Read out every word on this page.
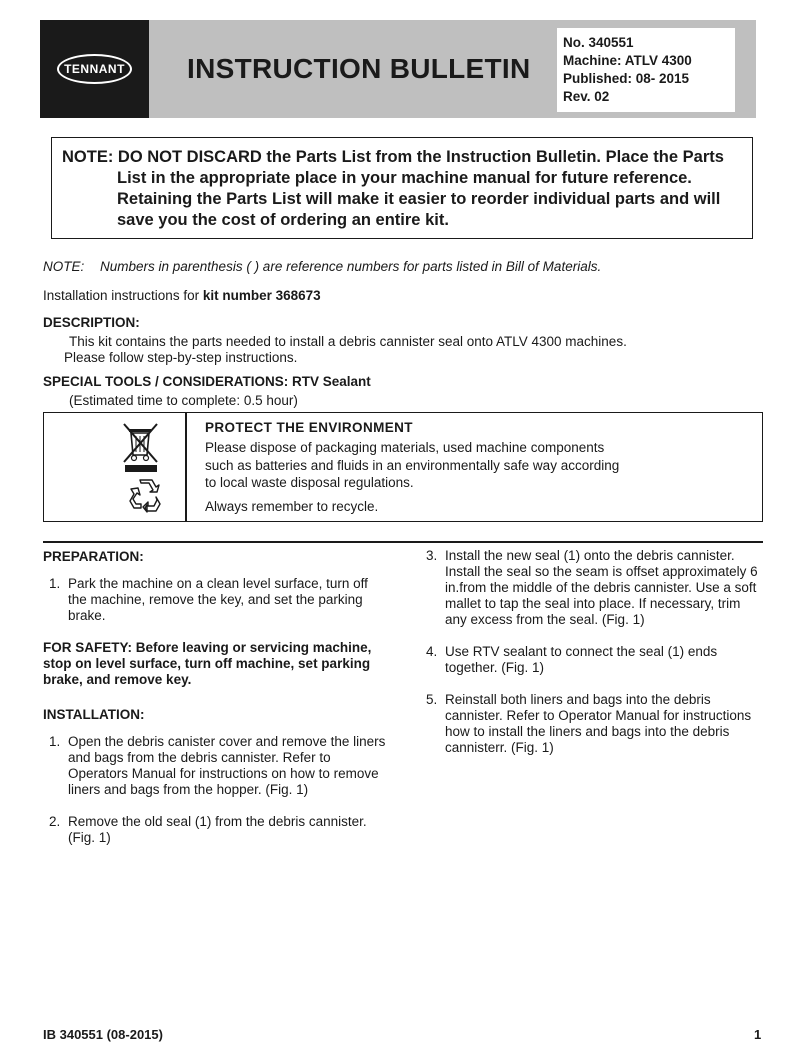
TENNANT INSTRUCTION BULLETIN
No. 340551
Machine: ATLV 4300
Published: 08- 2015
Rev. 02
NOTE: DO NOT DISCARD the Parts List from the Instruction Bulletin. Place the Parts List in the appropriate place in your machine manual for future reference. Retaining the Parts List will make it easier to reorder individual parts and will save you the cost of ordering an entire kit.
NOTE: Numbers in parenthesis ( ) are reference numbers for parts listed in Bill of Materials.
Installation instructions for kit number 368673
DESCRIPTION:
This kit contains the parts needed to install a debris cannister seal onto ATLV 4300 machines.
Please follow step-by-step instructions.
SPECIAL TOOLS / CONSIDERATIONS: RTV Sealant
(Estimated time to complete: 0.5 hour)
PROTECT THE ENVIRONMENT
Please dispose of packaging materials, used machine components
such as batteries and fluids in an environmentally safe way according
to local waste disposal regulations.
Always remember to recycle.
PREPARATION:
1. Park the machine on a clean level surface, turn off the machine, remove the key, and set the parking brake.
FOR SAFETY: Before leaving or servicing machine, stop on level surface, turn off machine, set parking brake, and remove key.
INSTALLATION:
1. Open the debris canister cover and remove the liners and bags from the debris cannister. Refer to Operators Manual for instructions on how to remove liners and bags from the hopper. (Fig. 1)
2. Remove the old seal (1) from the debris cannister. (Fig. 1)
3. Install the new seal (1) onto the debris cannister. Install the seal so the seam is offset approximately 6 in.from the middle of the debris cannister. Use a soft mallet to tap the seal into place. If necessary, trim any excess from the seal. (Fig. 1)
4. Use RTV sealant to connect the seal (1) ends together. (Fig. 1)
5. Reinstall both liners and bags into the debris cannister. Refer to Operator Manual for instructions how to install the liners and bags into the debris cannisterr. (Fig. 1)
IB 340551 (08-2015)	1
